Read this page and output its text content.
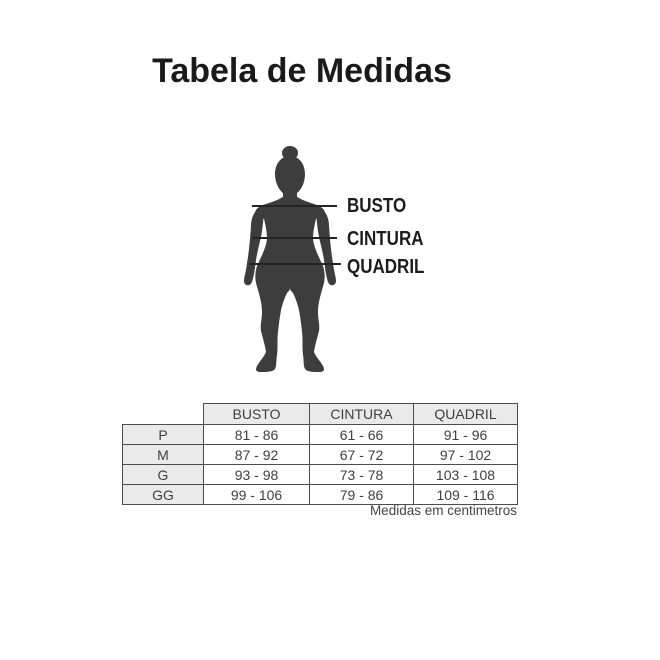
Tabela de Medidas
BUSTO
CINTURA
QUADRIL
	BUSTO	CINTURA	QUADRIL
P	81 - 86	61 - 66	91 - 96
M	87 - 92	67 - 72	97 - 102
G	93 - 98	73 - 78	103 - 108
GG	99 - 106	79 - 86	109 - 116
Medidas em centimetros
